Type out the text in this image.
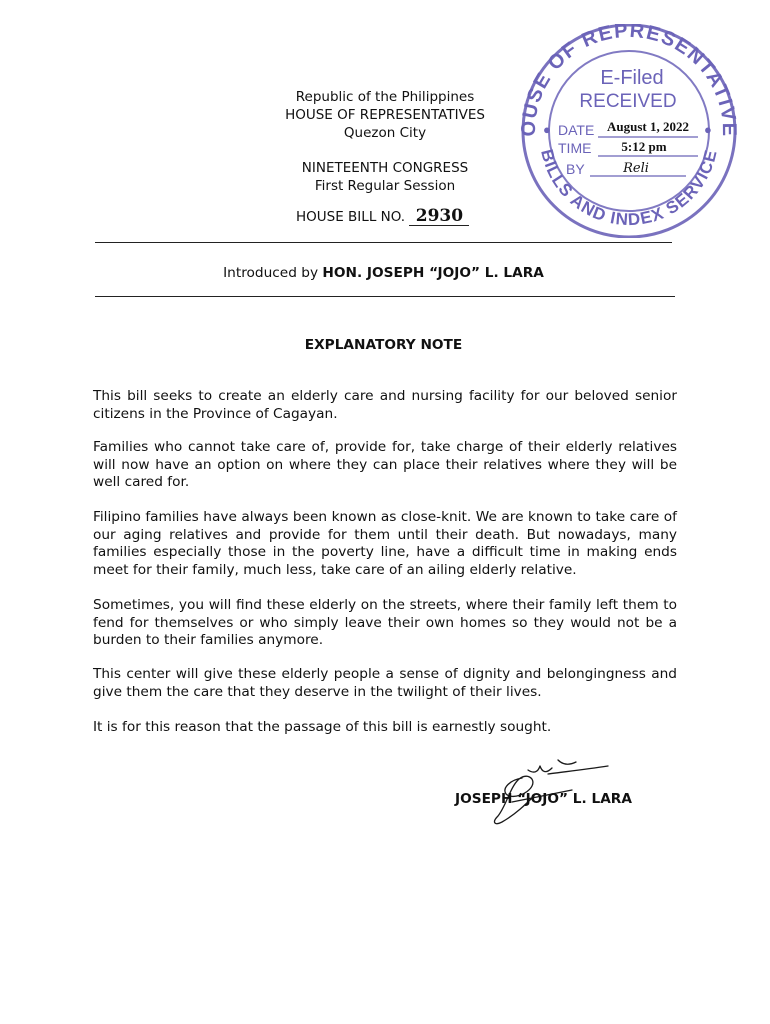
Republic of the Philippines
HOUSE OF REPRESENTATIVES
Quezon City
NINETEENTH CONGRESS
First Regular Session
HOUSE BILL NO. 2930
Introduced by HON. JOSEPH “JOJO” L. LARA
EXPLANATORY NOTE

This bill seeks to create an elderly care and nursing facility for our beloved senior citizens in the Province of Cagayan.

Families who cannot take care of, provide for, take charge of their elderly relatives will now have an option on where they can place their relatives where they will be well cared for.

Filipino families have always been known as close-knit. We are known to take care of our aging relatives and provide for them until their death. But nowadays, many families especially those in the poverty line, have a difficult time in making ends meet for their family, much less, take care of an ailing elderly relative.

Sometimes, you will find these elderly on the streets, where their family left them to fend for themselves or who simply leave their own homes so they would not be a burden to their families anymore.

This center will give these elderly people a sense of dignity and belongingness and give them the care that they deserve in the twilight of their lives.

It is for this reason that the passage of this bill is earnestly sought.

JOSEPH “JOJO” L. LARA
OUSE OF REPRESENTATIVE
BILLS AND INDEX SERVICE
●	●
E-Filed
RECEIVED
DATE August 1, 2022
TIME 5:12 pm
BY	Reli
